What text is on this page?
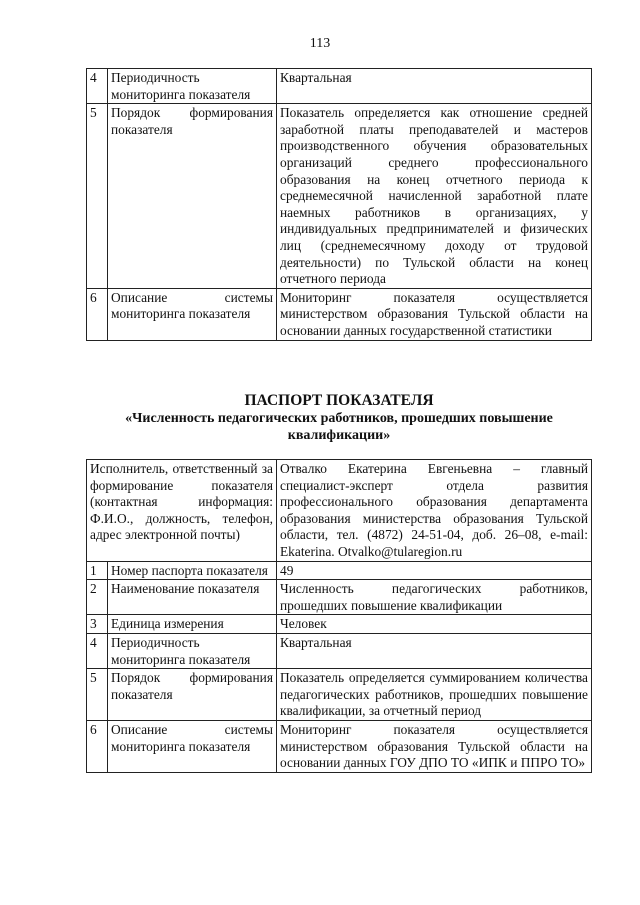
113
4	Периодичность мониторинга показателя	Квартальная
5	Порядок формирования показателя	Показатель определяется как отношение средней заработной платы преподавателей и мастеров производственного обучения образовательных организаций среднего профессионального образования на конец отчетного периода к среднемесячной начисленной заработной плате наемных работников в организациях, у индивидуальных предпринимателей и физических лиц (среднемесячному доходу от трудовой деятельности) по Тульской области на конец отчетного периода
6	Описание системы мониторинга показателя	Мониторинг показателя осуществляется министерством образования Тульской области на основании данных государственной статистики
ПАСПОРТ ПОКАЗАТЕЛЯ
«Численность педагогических работников, прошедших повышение квалификации»
Исполнитель, ответственный за формирование показателя (контактная информация: Ф.И.О., должность, телефон, адрес электронной почты)		Отвалко Екатерина Евгеньевна – главный специалист-эксперт отдела развития профессионального образования департамента образования министерства образования Тульской области, тел. (4872) 24-51-04, доб. 26–08, e-mail: Ekaterina. Otvalko@tularegion.ru
1	Номер паспорта показателя	49
2	Наименование показателя	Численность педагогических работников, прошедших повышение квалификации
3	Единица измерения	Человек
4	Периодичность мониторинга показателя	Квартальная
5	Порядок формирования показателя	Показатель определяется суммированием количества педагогических работников, прошедших повышение квалификации, за отчетный период
6	Описание системы мониторинга показателя	Мониторинг показателя осуществляется министерством образования Тульской области на основании данных ГОУ ДПО ТО «ИПК и ППРО ТО»
